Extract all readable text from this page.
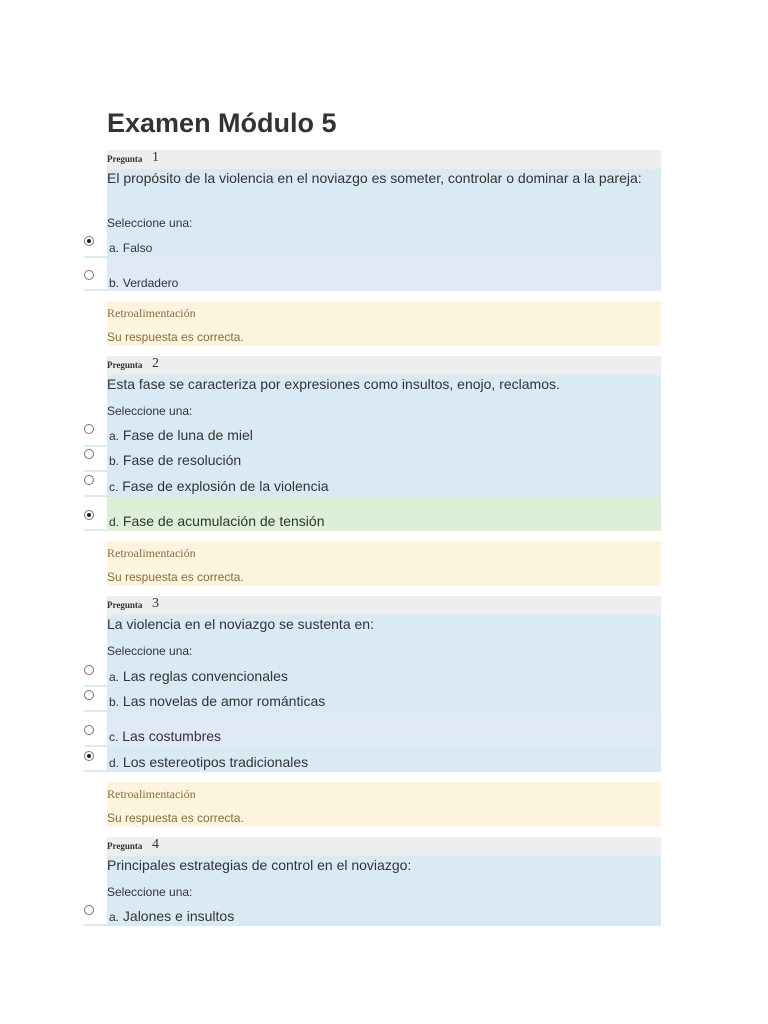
Examen Módulo 5
Pregunta 1
El propósito de la violencia en el noviazgo es someter, controlar o dominar a la pareja:
Seleccione una:
a. Falso
b. Verdadero
Retroalimentación
Su respuesta es correcta.
Pregunta 2
Esta fase se caracteriza por expresiones como insultos, enojo, reclamos.
Seleccione una:
a. Fase de luna de miel
b. Fase de resolución
c. Fase de explosión de la violencia
d. Fase de acumulación de tensión
Retroalimentación
Su respuesta es correcta.
Pregunta 3
La violencia en el noviazgo se sustenta en:
Seleccione una:
a. Las reglas convencionales
b. Las novelas de amor románticas
c. Las costumbres
d. Los estereotipos tradicionales
Retroalimentación
Su respuesta es correcta.
Pregunta 4
Principales estrategias de control en el noviazgo:
Seleccione una:
a. Jalones e insultos
